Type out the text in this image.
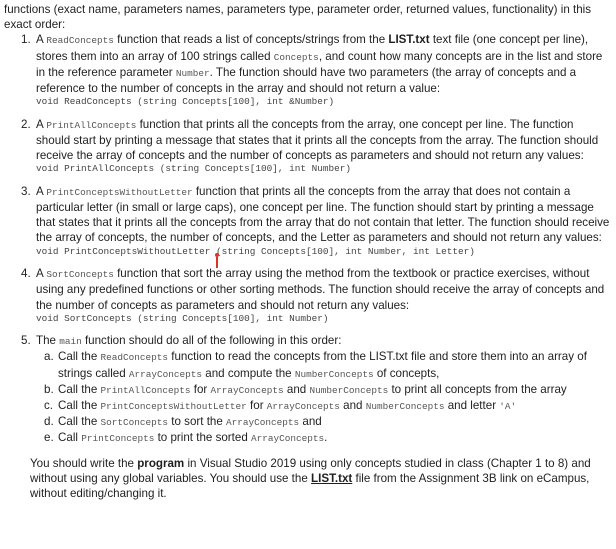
functions (exact name, parameters names, parameters type, parameter order, returned values, functionality) in this exact order:

1. A ReadConcepts function that reads a list of concepts/strings from the LIST.txt text file (one concept per line), stores them into an array of 100 strings called Concepts, and count how many concepts are in the list and store in the reference parameter Number. The function should have two parameters (the array of concepts and a reference to the number of concepts in the array and should not return a value:

void ReadConcepts (string Concepts[100], int &Number)

2. A PrintAllConcepts function that prints all the concepts from the array, one concept per line. The function should start by printing a message that states that it prints all the concepts from the array. The function should receive the array of concepts and the number of concepts as parameters and should not return any values:

void PrintAllConcepts (string Concepts[100], int Number)

3. A PrintConceptsWithoutLetter function that prints all the concepts from the array that does not contain a particular letter (in small or large caps), one concept per line. The function should start by printing a message that states that it prints all the concepts from the array that do not contain that letter. The function should receive the array of concepts, the number of concepts, and the Letter as parameters and should not return any values:

void PrintConceptsWithoutLetter (string Concepts[100], int Number, int Letter)

4. A SortConcepts function that sort the array using the method from the textbook or practice exercises, without using any predefined functions or other sorting methods. The function should receive the array of concepts and the number of concepts as parameters and should not return any values:

void SortConcepts (string Concepts[100], int Number)

5. The main function should do all of the following in this order:

a. Call the ReadConcepts function to read the concepts from the LIST.txt file and store them into an array of strings called ArrayConcepts and compute the NumberConcepts of concepts,

b. Call the PrintAllConcepts for ArrayConcepts and NumberConcepts to print all concepts from the array

c. Call the PrintConceptsWithoutLetter for ArrayConcepts and NumberConcepts and letter 'A'

d. Call the SortConcepts to sort the ArrayConcepts and

e. Call PrintConcepts to print the sorted ArrayConcepts.

You should write the program in Visual Studio 2019 using only concepts studied in class (Chapter 1 to 8) and without using any global variables. You should use the LIST.txt file from the Assignment 3B link on eCampus, without editing/changing it.
